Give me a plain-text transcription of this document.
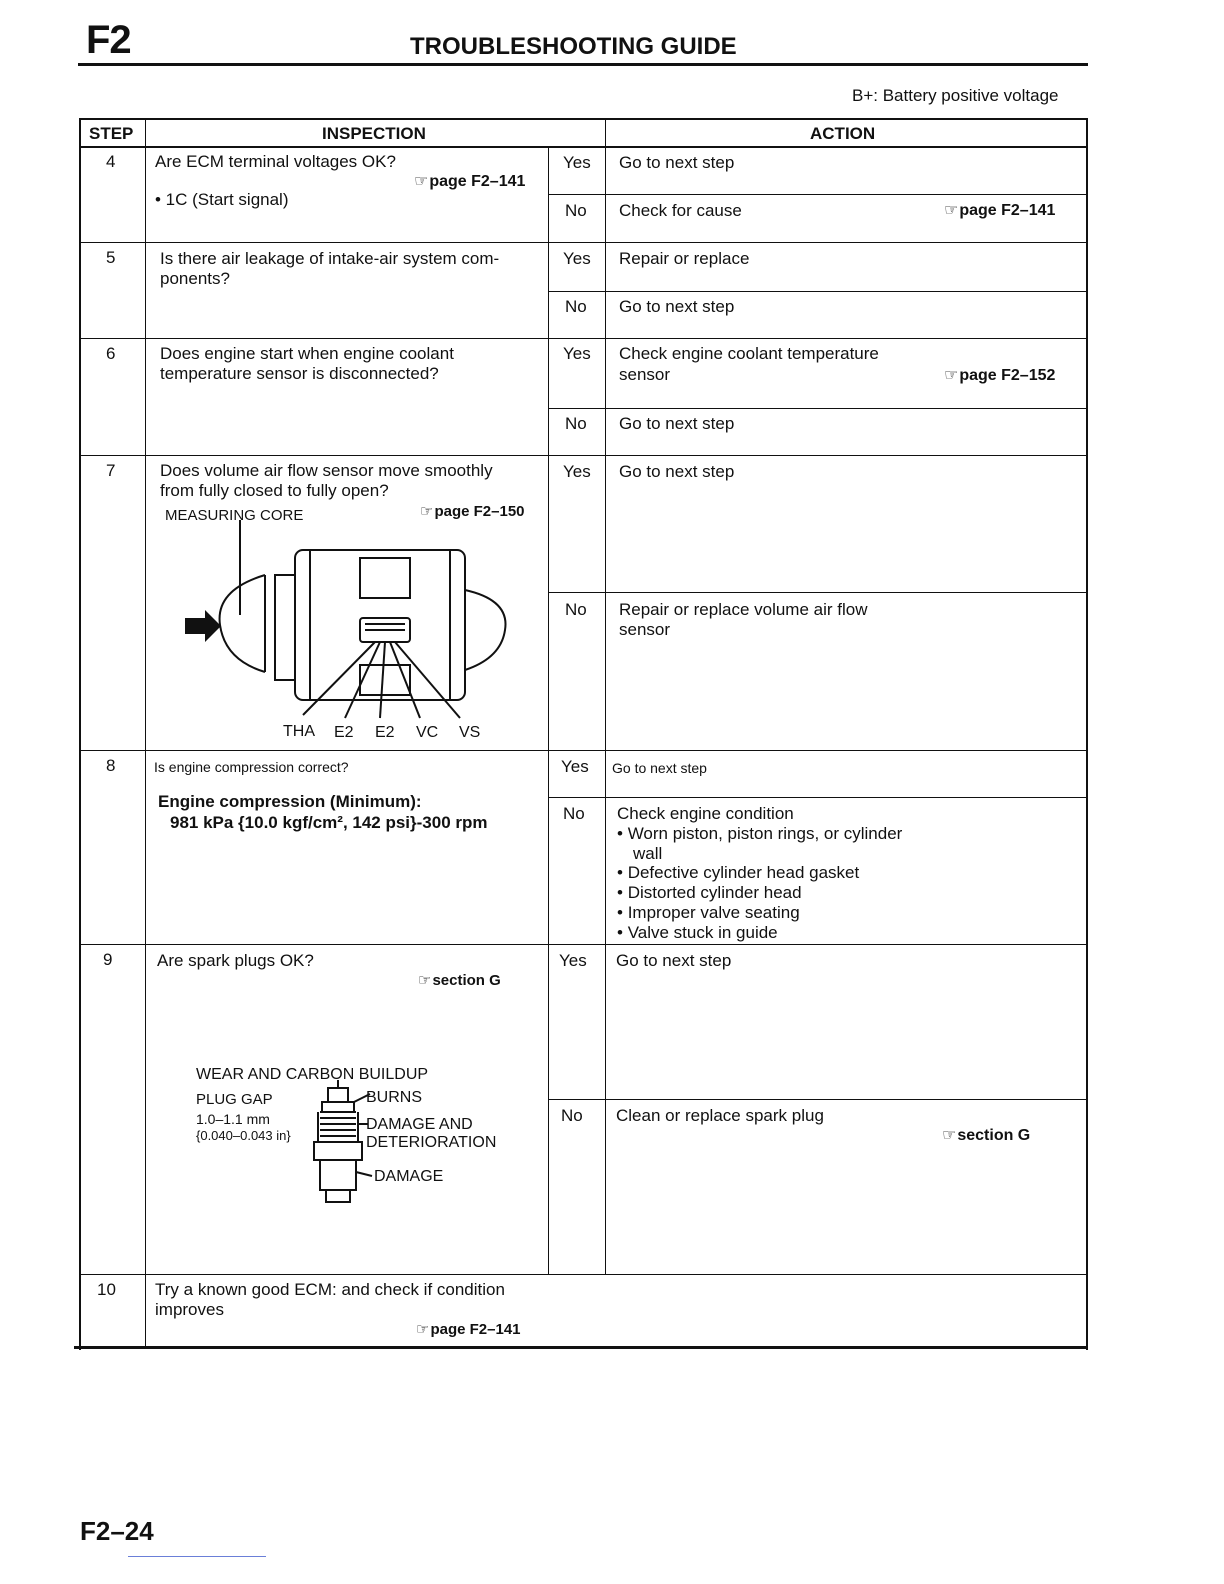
F2	TROUBLESHOOTING GUIDE
B+: Battery positive voltage
STEP	INSPECTION	ACTION
4 Are ECM terminal voltages OK?
☞ page F2–141
• 1C (Start signal)
Yes Go to next step
No Check for cause	☞ page F2–141
5	Is there air leakage of intake-air system com-
ponents?
Yes Repair or replace
No Go to next step
6	Does engine start when engine coolant
temperature sensor is disconnected?
Yes Check engine coolant temperature
sensor	☞ page F2–152
No Go to next step
7	Does volume air flow sensor move smoothly
from fully closed to fully open?
MEASURING CORE	☞ page F2–150
THA E2 E2 VC VS
Yes Go to next step
No Repair or replace volume air flow
sensor
8	Is engine compression correct?
Engine compression (Minimum):
981 kPa {10.0 kgf/cm², 142 psi}-300 rpm
Yes Go to next step
No Check engine condition
• Worn piston, piston rings, or cylinder
wall
• Defective cylinder head gasket
• Distorted cylinder head
• Improper valve seating
• Valve stuck in guide
9	Are spark plugs OK?
☞ section G
WEAR AND CARBON BUILDUP
PLUG GAP
1.0–1.1 mm
{0.040–0.043 in}
BURNS
DAMAGE AND
DETERIORATION
DAMAGE
Yes Go to next step
No Clean or replace spark plug
☞ section G
10 Try a known good ECM: and check if condition
improves
☞ page F2–141
F2–24
